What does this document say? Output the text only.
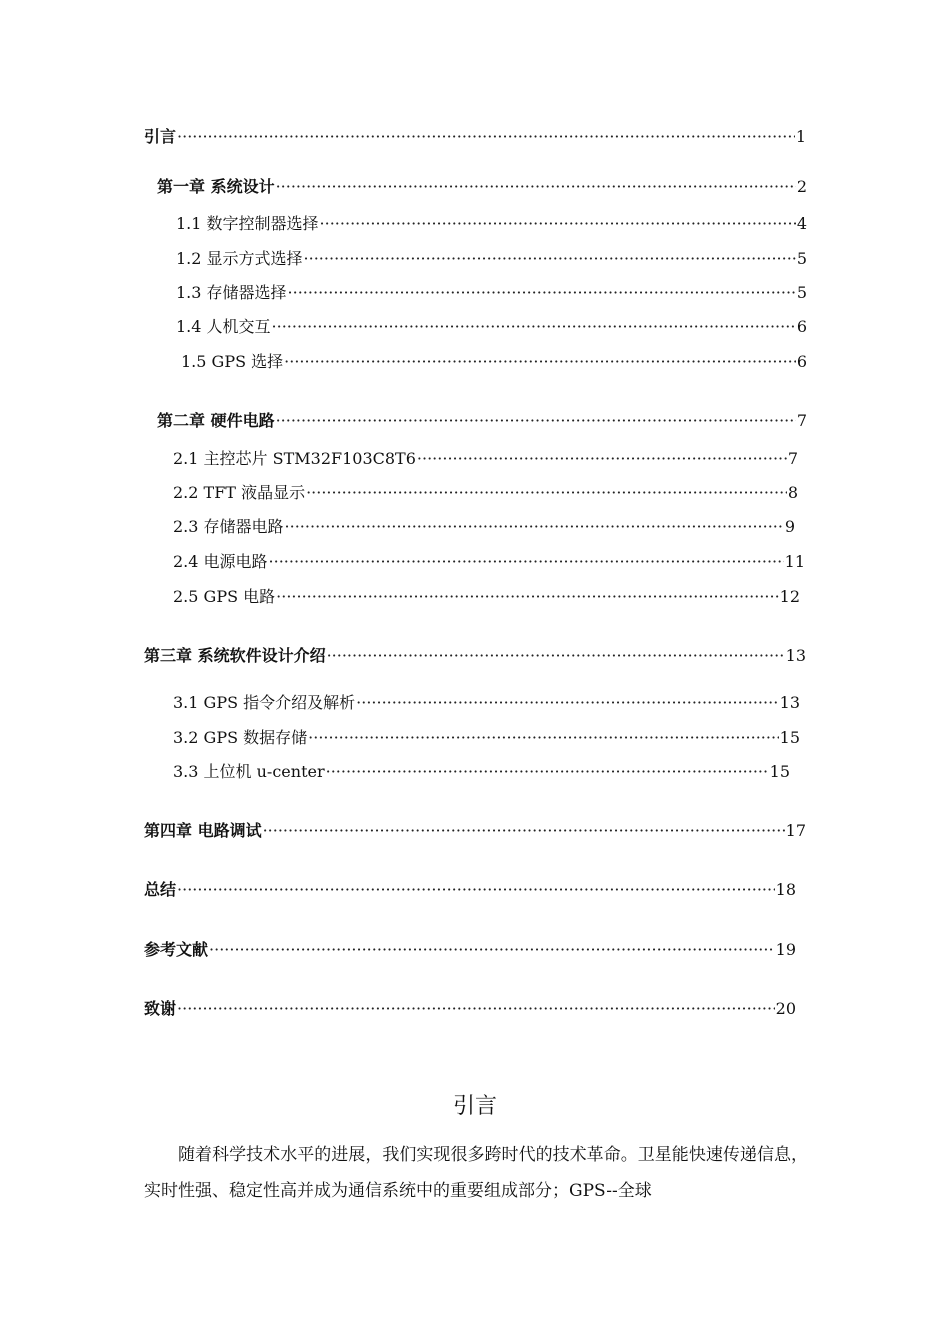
引言 ·····	1
第一章 系统设计 ·····	2
1.1 数字控制器选择 ·····	4
1.2 显示方式选择 ·····	5
1.3 存储器选择 ·····	5
1.4 人机交互 ·····	6
1.5 GPS 选择 ·····	6
第二章 硬件电路 ·····	7
2.1 主控芯片 STM32F103C8T6 ·····	7
2.2 TFT 液晶显示 ·····	8
2.3 存储器电路 ·····	9
2.4 电源电路 ·····	11
2.5 GPS 电路 ·····	12
第三章 系统软件设计介绍 ·····	13
3.1 GPS 指令介绍及解析 ·····	13
3.2 GPS 数据存储 ·····	15
3.3 上位机 u-center ·····	15
第四章 电路调试 ·····	17
总结 ·····	18
参考文献 ·····	19
致谢 ·····	20
引言
随着科学技术水平的进展，我们实现很多跨时代的技术革命。卫星能快速传递信息，实时性强、稳定性高并成为通信系统中的重要组成部分；GPS--全球
